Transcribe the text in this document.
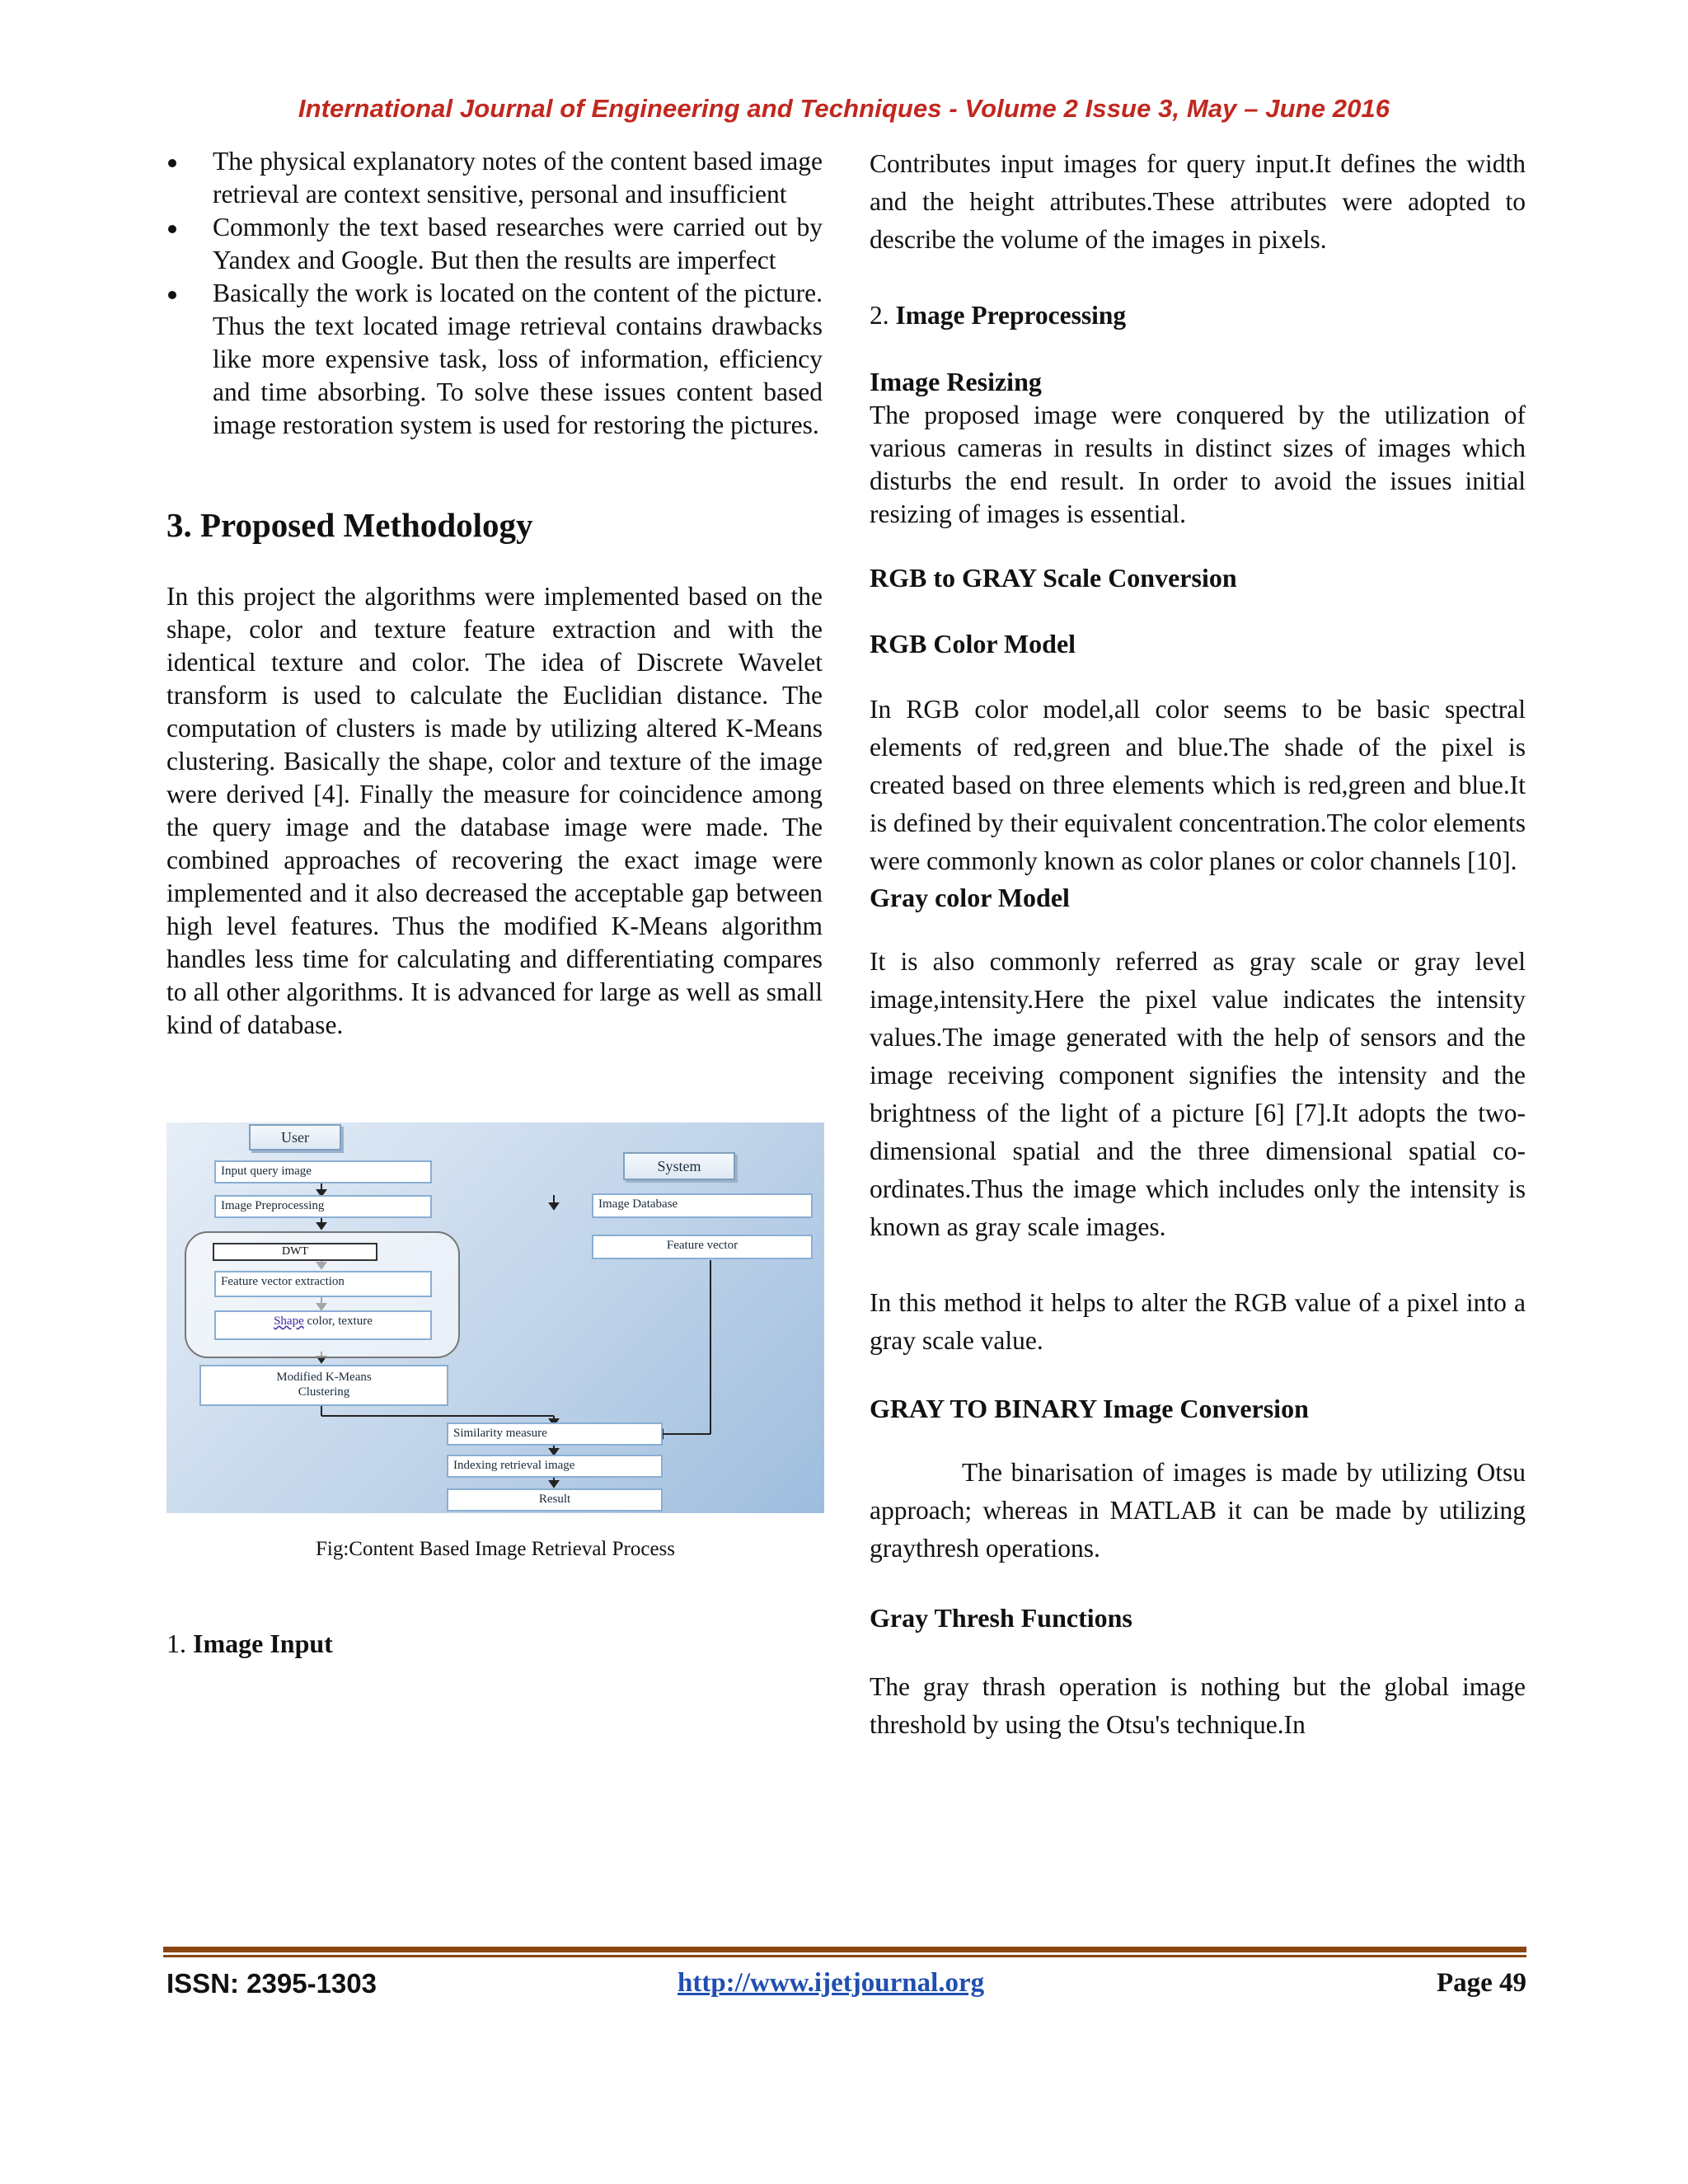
International Journal of Engineering and Techniques - Volume 2 Issue 3, May – June 2016
The physical explanatory notes of the content based image retrieval are context sensitive, personal and insufficient
Commonly the text based researches were carried out by Yandex and Google. But then the results are imperfect
Basically the work is located on the content of the picture. Thus the text located image retrieval contains drawbacks like more expensive task, loss of information, efficiency and time absorbing. To solve these issues content based image restoration system is used for restoring the pictures.
3. Proposed Methodology

In this project the algorithms were implemented based on the shape, color and texture feature extraction and with the identical texture and color. The idea of Discrete Wavelet transform is used to calculate the Euclidian distance. The computation of clusters is made by utilizing altered K-Means clustering. Basically the shape, color and texture of the image were derived [4]. Finally the measure for coincidence among the query image and the database image were made. The combined approaches of recovering the exact image were implemented and it also decreased the acceptable gap between high level features. Thus the modified K-Means algorithm handles less time for calculating and differentiating compares to all other algorithms. It is advanced for large as well as small kind of database.

User
System
Input query image
Image Preprocessing
DWT
Feature vector extraction
Shape color, texture
Modified K-Means
Clustering
Image Database
Feature vector
Similarity measure
Indexing retrieval image
Result
Fig:Content Based Image Retrieval Process

1. Image Input

Contributes input images for query input.It defines the width and the height attributes.These attributes were adopted to describe the volume of the images in pixels.

2. Image Preprocessing

Image Resizing

The proposed image were conquered by the utilization of various cameras in results in distinct sizes of images which disturbs the end result. In order to avoid the issues initial resizing of images is essential.

RGB to GRAY Scale Conversion

RGB Color Model

In RGB color model,all color seems to be basic spectral elements of red,green and blue.The shade of the pixel is created based on three elements which is red,green and blue.It is defined by their equivalent concentration.The color elements were commonly known as color planes or color channels [10].

Gray color Model

It is also commonly referred as gray scale or gray level image,intensity.Here the pixel value indicates the intensity values.The image generated with the help of sensors and the image receiving component signifies the intensity and the brightness of the light of a picture [6] [7].It adopts the two-dimensional spatial and the three dimensional spatial co-ordinates.Thus the image which includes only the intensity is known as gray scale images.

In this method it helps to alter the RGB value of a pixel into a gray scale value.

GRAY TO BINARY Image Conversion

The binarisation of images is made by utilizing Otsu approach; whereas in MATLAB it can be made by utilizing graythresh operations.

Gray Thresh Functions

The gray thrash operation is nothing but the global image threshold by using the Otsu's technique.In

ISSN: 2395-1303	http://www.ijetjournal.org	Page 49
